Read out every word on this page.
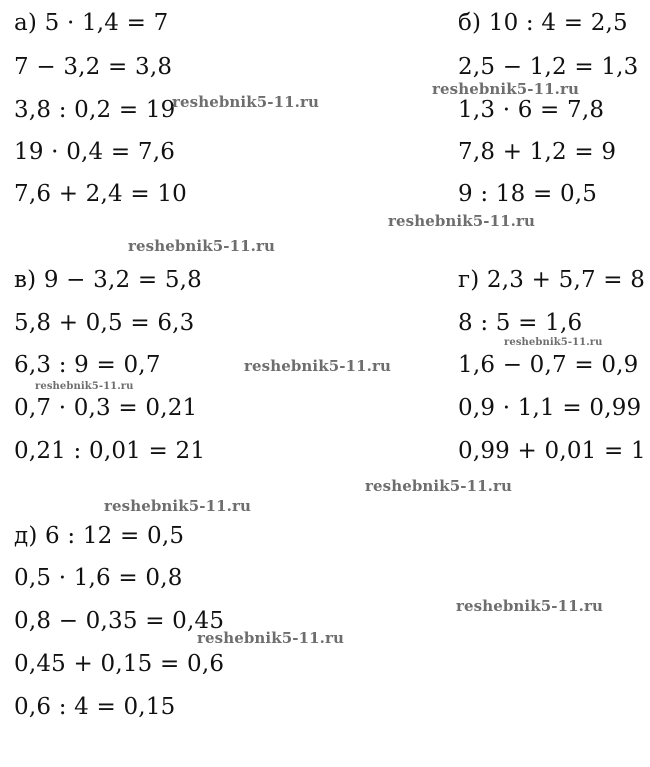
а) 5 · 1,4 = 7
7 − 3,2 = 3,8
3,8 : 0,2 = 19
19 · 0,4 = 7,6
7,6 + 2,4 = 10
б) 10 : 4 = 2,5
2,5 − 1,2 = 1,3
1,3 · 6 = 7,8
7,8 + 1,2 = 9
9 : 18 = 0,5
в) 9 − 3,2 = 5,8
5,8 + 0,5 = 6,3
6,3 : 9 = 0,7
0,7 · 0,3 = 0,21
0,21 : 0,01 = 21
г) 2,3 + 5,7 = 8
8 : 5 = 1,6
1,6 − 0,7 = 0,9
0,9 · 1,1 = 0,99
0,99 + 0,01 = 1
д) 6 : 12 = 0,5
0,5 · 1,6 = 0,8
0,8 − 0,35 = 0,45
0,45 + 0,15 = 0,6
0,6 : 4 = 0,15
reshebnik5-11.ru
reshebnik5-11.ru
reshebnik5-11.ru
reshebnik5-11.ru
reshebnik5-11.ru
reshebnik5-11.ru
reshebnik5-11.ru
reshebnik5-11.ru
reshebnik5-11.ru
reshebnik5-11.ru
reshebnik5-11.ru
